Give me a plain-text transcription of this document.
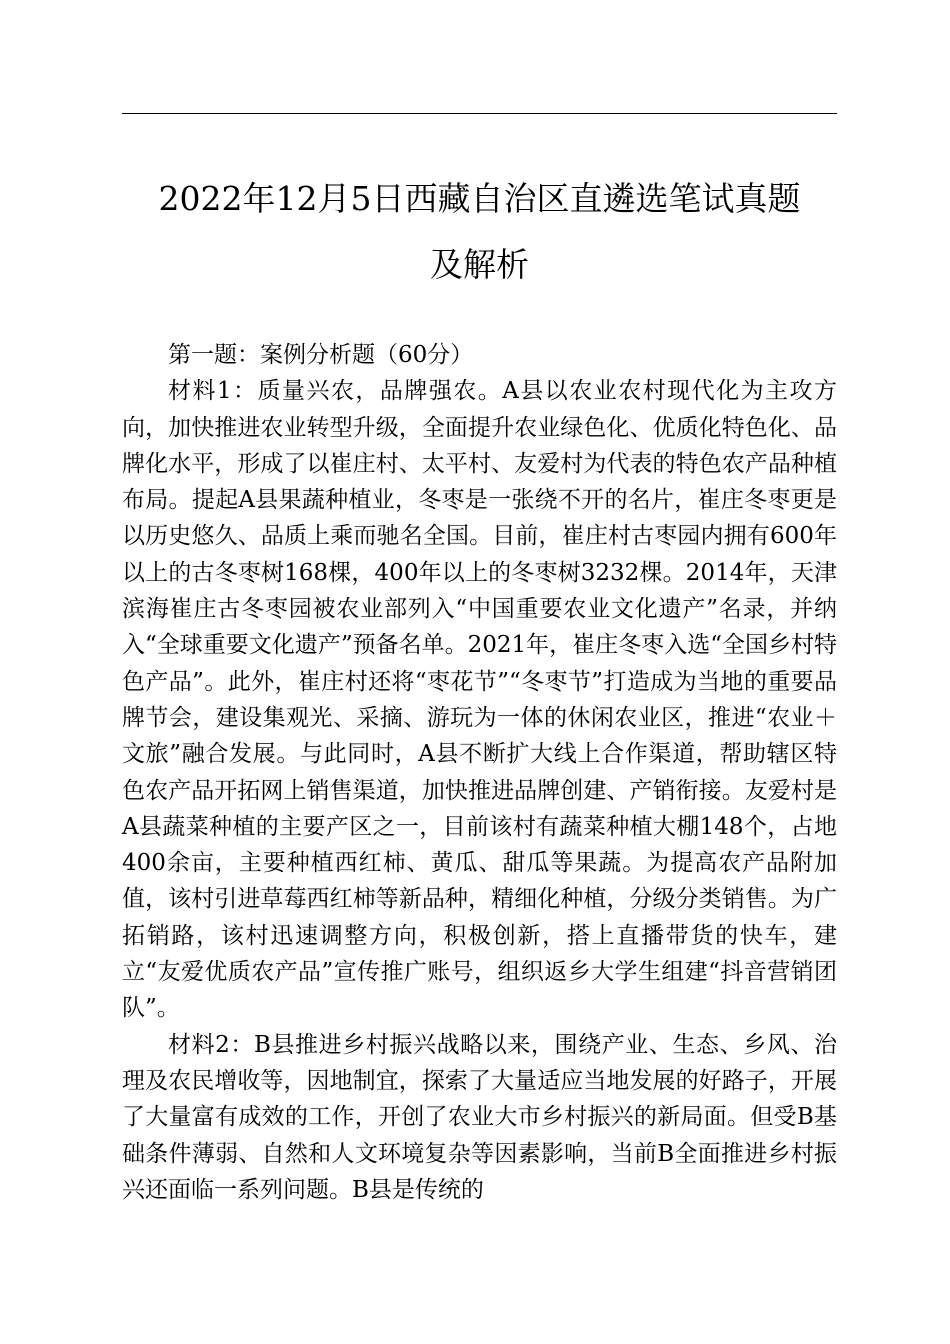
2022年12月5日西藏自治区直遴选笔试真题
及解析

第一题：案例分析题（60分）

材料1：质量兴农，品牌强农。A县以农业农村现代化为主攻方向，加快推进农业转型升级，全面提升农业绿色化、优质化特色化、品牌化水平，形成了以崔庄村、太平村、友爱村为代表的特色农产品种植布局。提起A县果蔬种植业，冬枣是一张绕不开的名片，崔庄冬枣更是以历史悠久、品质上乘而驰名全国。目前，崔庄村古枣园内拥有600年以上的古冬枣树168棵，400年以上的冬枣树3232棵。2014年，天津滨海崔庄古冬枣园被农业部列入“中国重要农业文化遗产”名录，并纳入“全球重要文化遗产”预备名单。2021年，崔庄冬枣入选“全国乡村特色产品”。此外，崔庄村还将“枣花节”“冬枣节”打造成为当地的重要品牌节会，建设集观光、采摘、游玩为一体的休闲农业区，推进“农业＋文旅”融合发展。与此同时，A县不断扩大线上合作渠道，帮助辖区特色农产品开拓网上销售渠道，加快推进品牌创建、产销衔接。友爱村是A县蔬菜种植的主要产区之一，目前该村有蔬菜种植大棚148个，占地400余亩，主要种植西红柿、黄瓜、甜瓜等果蔬。为提高农产品附加值，该村引进草莓西红柿等新品种，精细化种植，分级分类销售。为广拓销路，该村迅速调整方向，积极创新，搭上直播带货的快车，建立“友爱优质农产品”宣传推广账号，组织返乡大学生组建“抖音营销团队”。

材料2：B县推进乡村振兴战略以来，围绕产业、生态、乡风、治理及农民增收等，因地制宜，探索了大量适应当地发展的好路子，开展了大量富有成效的工作，开创了农业大市乡村振兴的新局面。但受B基础条件薄弱、自然和人文环境复杂等因素影响，当前B全面推进乡村振兴还面临一系列问题。B县是传统的
